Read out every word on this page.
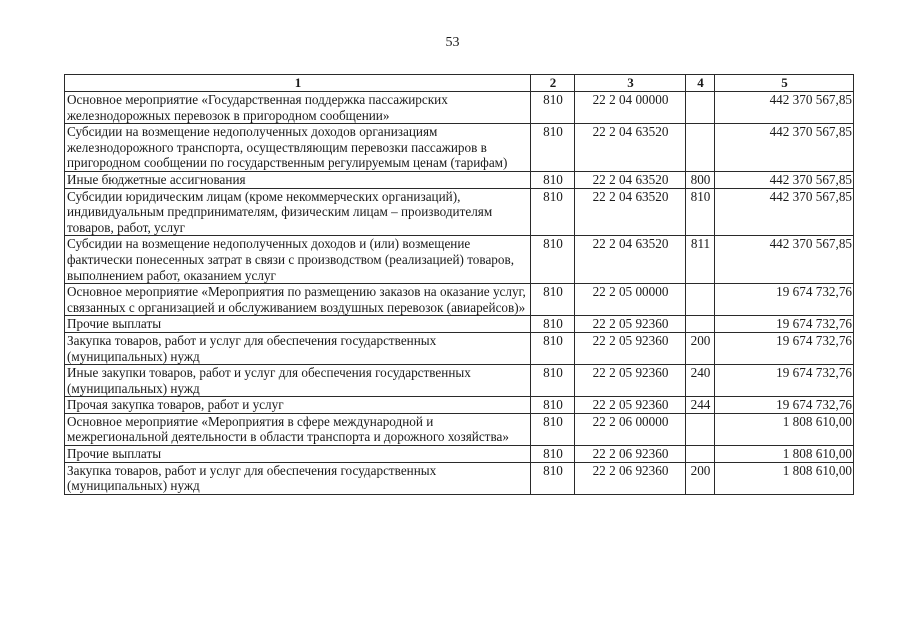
53
1	2	3	4	5
Основное мероприятие «Государственная поддержка пассажирских железнодорожных перевозок в пригородном сообщении»	810	22 2 04 00000		442 370 567,85
Субсидии на возмещение недополученных доходов организациям железнодорожного транспорта, осуществляющим перевозки пассажиров в пригородном сообщении по государственным регулируемым ценам (тарифам)	810	22 2 04 63520		442 370 567,85
Иные бюджетные ассигнования	810	22 2 04 63520	800	442 370 567,85
Субсидии юридическим лицам (кроме некоммерческих организаций), индивидуальным предпринимателям, физическим лицам – производителям товаров, работ, услуг	810	22 2 04 63520	810	442 370 567,85
Субсидии на возмещение недополученных доходов и (или) возмещение фактически понесенных затрат в связи с производством (реализацией) товаров, выполнением работ, оказанием услуг	810	22 2 04 63520	811	442 370 567,85
Основное мероприятие «Мероприятия по размещению заказов на оказание услуг, связанных с организацией и обслуживанием воздушных перевозок (авиарейсов)»	810	22 2 05 00000		19 674 732,76
Прочие выплаты	810	22 2 05 92360		19 674 732,76
Закупка товаров, работ и услуг для обеспечения государственных (муниципальных) нужд	810	22 2 05 92360	200	19 674 732,76
Иные закупки товаров, работ и услуг для обеспечения государственных (муниципальных) нужд	810	22 2 05 92360	240	19 674 732,76
Прочая закупка товаров, работ и услуг	810	22 2 05 92360	244	19 674 732,76
Основное мероприятие «Мероприятия в сфере международной и межрегиональной деятельности в области транспорта и дорожного хозяйства»	810	22 2 06 00000		1 808 610,00
Прочие выплаты	810	22 2 06 92360		1 808 610,00
Закупка товаров, работ и услуг для обеспечения государственных (муниципальных) нужд	810	22 2 06 92360	200	1 808 610,00
